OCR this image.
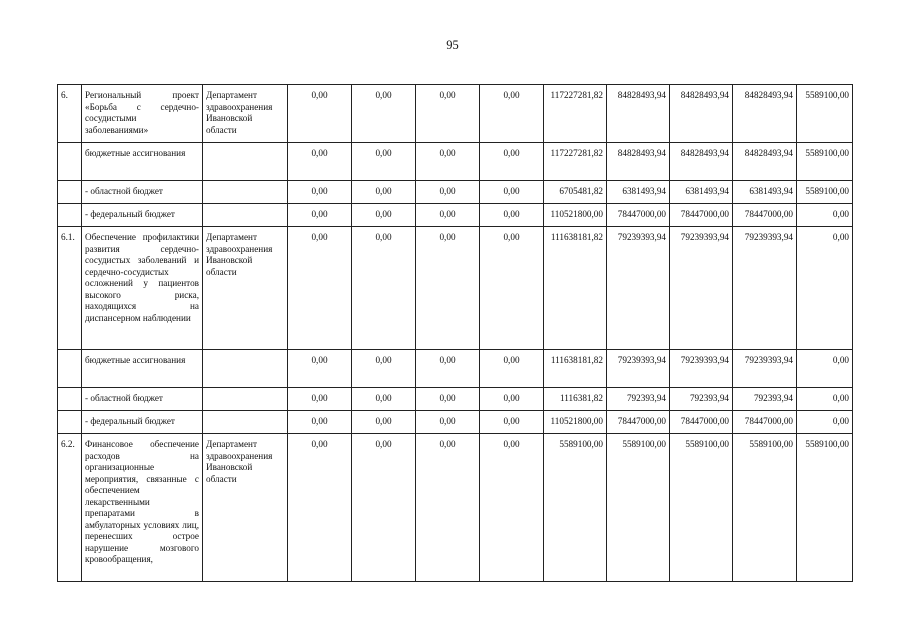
95
6.	Региональный проект «Борьба с сердечно-сосудистыми заболеваниями»	Департамент здравоохранения Ивановской области	0,00	0,00	0,00	0,00	117227281,82	84828493,94	84828493,94	84828493,94	5589100,00
	бюджетные ассигнования		0,00	0,00	0,00	0,00	117227281,82	84828493,94	84828493,94	84828493,94	5589100,00
	- областной бюджет		0,00	0,00	0,00	0,00	6705481,82	6381493,94	6381493,94	6381493,94	5589100,00
	- федеральный бюджет		0,00	0,00	0,00	0,00	110521800,00	78447000,00	78447000,00	78447000,00	0,00
6.1.	Обеспечение профилактики развития сердечно-сосудистых заболеваний и сердечно-сосудистых осложнений у пациентов высокого риска, находящихся на диспансерном наблюдении	Департамент здравоохранения Ивановской области	0,00	0,00	0,00	0,00	111638181,82	79239393,94	79239393,94	79239393,94	0,00
	бюджетные ассигнования		0,00	0,00	0,00	0,00	111638181,82	79239393,94	79239393,94	79239393,94	0,00
	- областной бюджет		0,00	0,00	0,00	0,00	1116381,82	792393,94	792393,94	792393,94	0,00
	- федеральный бюджет		0,00	0,00	0,00	0,00	110521800,00	78447000,00	78447000,00	78447000,00	0,00
6.2.	Финансовое обеспечение расходов на организационные мероприятия, связанные с обеспечением лекарственными препаратами в амбулаторных условиях лиц, перенесших острое нарушение мозгового кровообращения,	Департамент здравоохранения Ивановской области	0,00	0,00	0,00	0,00	5589100,00	5589100,00	5589100,00	5589100,00	5589100,00
